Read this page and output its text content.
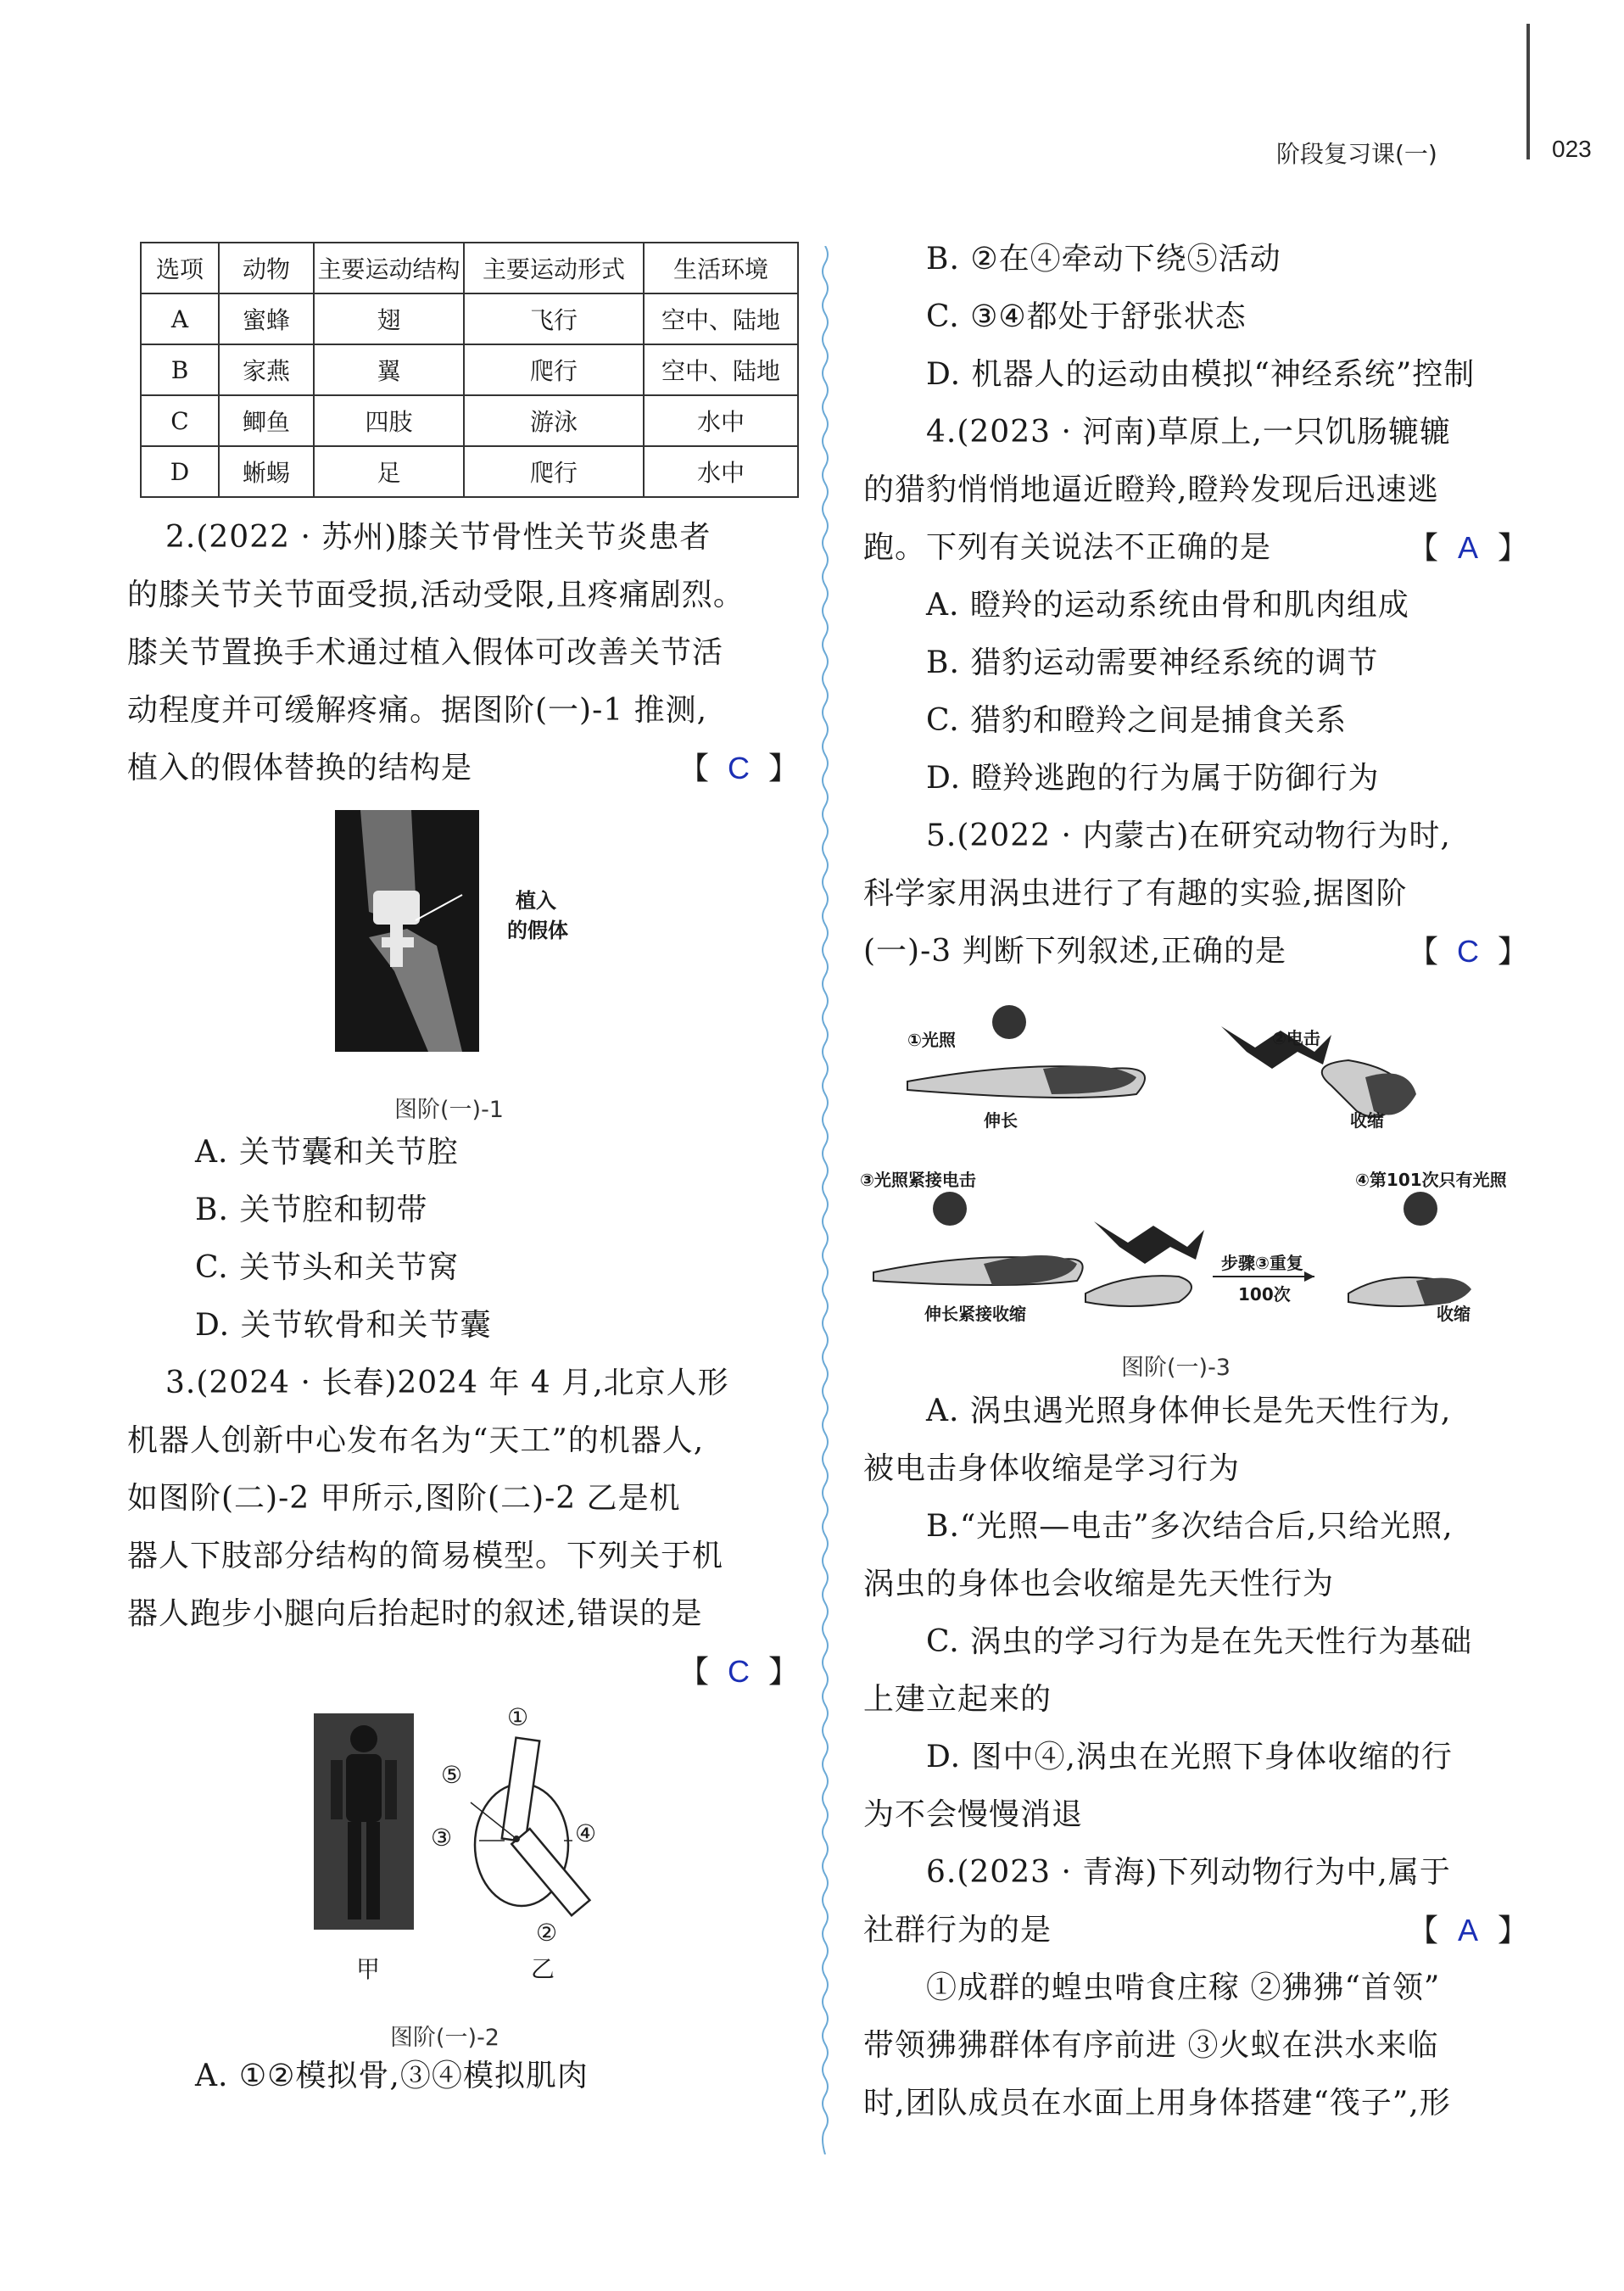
阶段复习课(一)	023
选项	动物	主要运动结构	主要运动形式	生活环境
A	蜜蜂	翅	飞行	空中、陆地
B	家燕	翼	爬行	空中、陆地
C	鲫鱼	四肢	游泳	水中
D	蜥蜴	足	爬行	水中
2.(2022 · 苏州)膝关节骨性关节炎患者
的膝关节关节面受损,活动受限,且疼痛剧烈。
膝关节置换手术通过植入假体可改善关节活
动程度并可缓解疼痛。据图阶(一)-1 推测,
植入的假体替换的结构是	【 C 】
植入
的假体
图阶(一)-1
A. 关节囊和关节腔
B. 关节腔和韧带
C. 关节头和关节窝
D. 关节软骨和关节囊
3.(2024 · 长春)2024 年 4 月,北京人形
机器人创新中心发布名为“天工”的机器人,
如图阶(二)-2 甲所示,图阶(二)-2 乙是机
器人下肢部分结构的简易模型。下列关于机
器人跑步小腿向后抬起时的叙述,错误的是
【 C 】
①
⑤
③	④
②
甲	乙
图阶(一)-2
A. ①②模拟骨,③④模拟肌肉
B. ②在④牵动下绕⑤活动
C. ③④都处于舒张状态
D. 机器人的运动由模拟“神经系统”控制
4.(2023 · 河南)草原上,一只饥肠辘辘
的猎豹悄悄地逼近瞪羚,瞪羚发现后迅速逃
跑。下列有关说法不正确的是	【 A 】
A. 瞪羚的运动系统由骨和肌肉组成
B. 猎豹运动需要神经系统的调节
C. 猎豹和瞪羚之间是捕食关系
D. 瞪羚逃跑的行为属于防御行为
5.(2022 · 内蒙古)在研究动物行为时,
科学家用涡虫进行了有趣的实验,据图阶
(一)-3 判断下列叙述,正确的是	【 C 】
①光照	②电击
伸长	收缩
③光照紧接电击	④第101次只有光照
伸长紧接收缩
步骤③重复
100次
收缩
图阶(一)-3
A. 涡虫遇光照身体伸长是先天性行为,
被电击身体收缩是学习行为
B.“光照—电击”多次结合后,只给光照,
涡虫的身体也会收缩是先天性行为
C. 涡虫的学习行为是在先天性行为基础
上建立起来的
D. 图中④,涡虫在光照下身体收缩的行
为不会慢慢消退
6.(2023 · 青海)下列动物行为中,属于
社群行为的是	【 A 】
①成群的蝗虫啃食庄稼 ②狒狒“首领”
带领狒狒群体有序前进 ③火蚁在洪水来临
时,团队成员在水面上用身体搭建“筏子”,形
